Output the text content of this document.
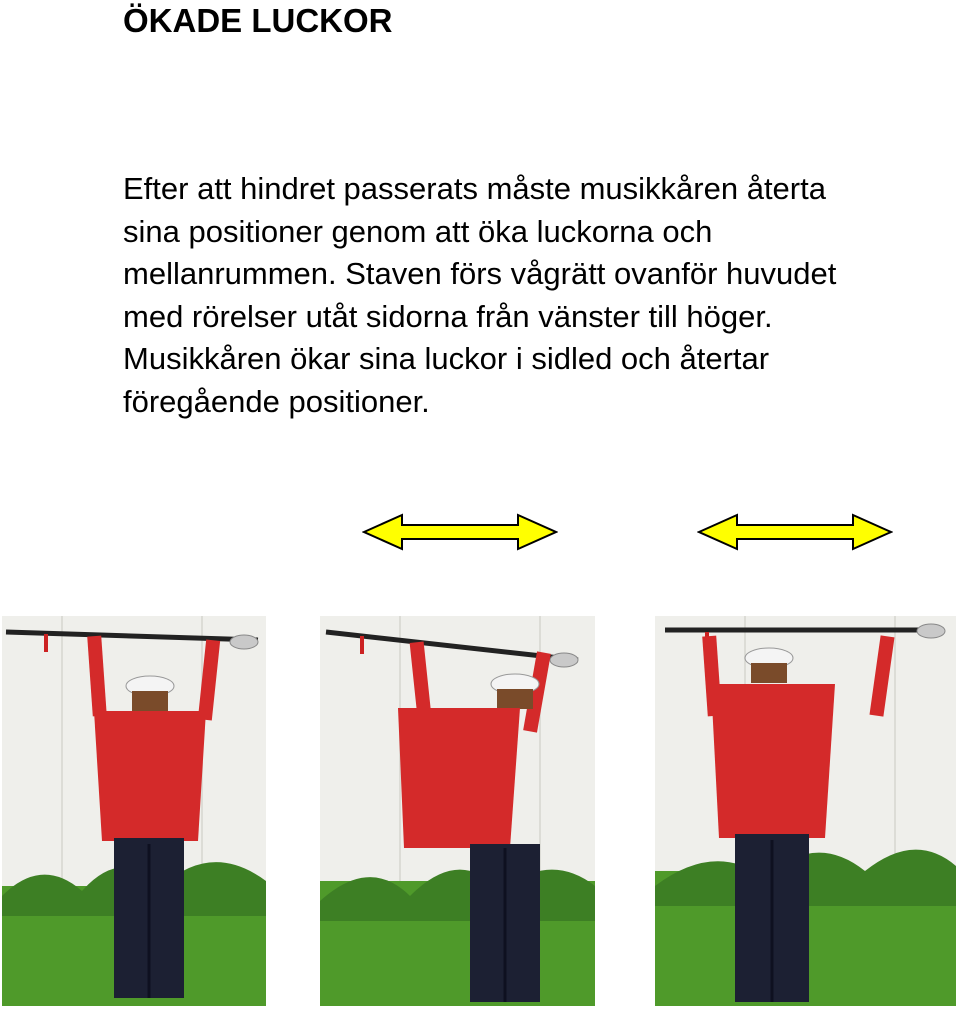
ÖKADE LUCKOR
Efter att hindret passerats måste musikkåren återta sina positioner genom att öka luckorna och mellanrummen. Staven förs vågrätt ovanför huvudet med rörelser utåt sidorna från vänster till höger. Musikkåren ökar sina luckor i sidled och återtar föregående positioner.
